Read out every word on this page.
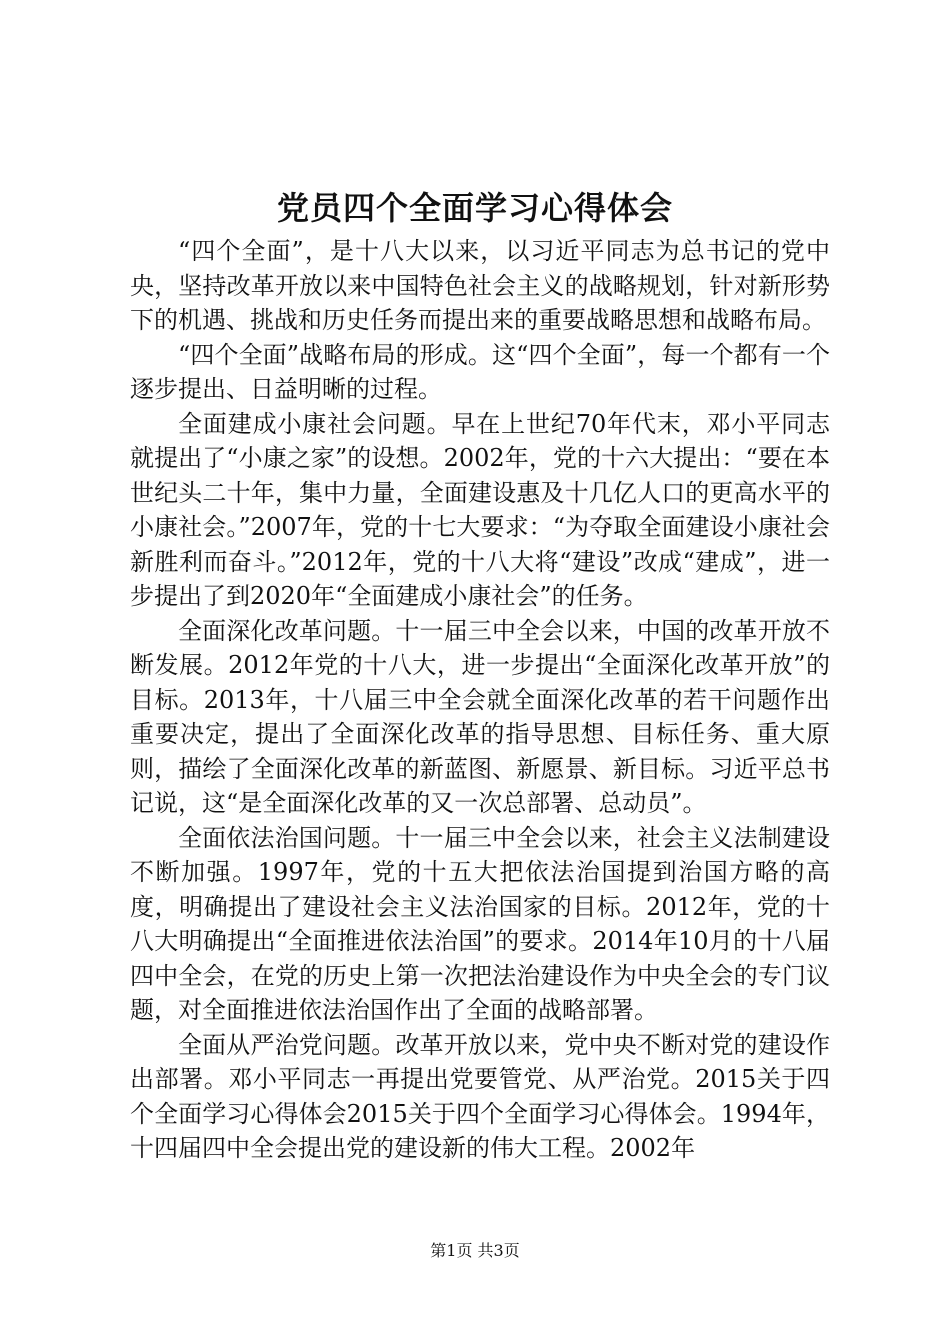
党员四个全面学习心得体会

“四个全面”，是十八大以来，以习近平同志为总书记的党中央，坚持改革开放以来中国特色社会主义的战略规划，针对新形势下的机遇、挑战和历史任务而提出来的重要战略思想和战略布局。

“四个全面”战略布局的形成。这“四个全面”，每一个都有一个逐步提出、日益明晰的过程。

全面建成小康社会问题。早在上世纪70年代末，邓小平同志就提出了“小康之家”的设想。2002年，党的十六大提出：“要在本世纪头二十年，集中力量，全面建设惠及十几亿人口的更高水平的小康社会。”2007年，党的十七大要求：“为夺取全面建设小康社会新胜利而奋斗。”2012年，党的十八大将“建设”改成“建成”，进一步提出了到2020年“全面建成小康社会”的任务。

全面深化改革问题。十一届三中全会以来，中国的改革开放不断发展。2012年党的十八大，进一步提出“全面深化改革开放”的目标。2013年，十八届三中全会就全面深化改革的若干问题作出重要决定，提出了全面深化改革的指导思想、目标任务、重大原则，描绘了全面深化改革的新蓝图、新愿景、新目标。习近平总书记说，这“是全面深化改革的又一次总部署、总动员”。

全面依法治国问题。十一届三中全会以来，社会主义法制建设不断加强。1997年，党的十五大把依法治国提到治国方略的高度，明确提出了建设社会主义法治国家的目标。2012年，党的十八大明确提出“全面推进依法治国”的要求。2014年10月的十八届四中全会，在党的历史上第一次把法治建设作为中央全会的专门议题，对全面推进依法治国作出了全面的战略部署。

全面从严治党问题。改革开放以来，党中央不断对党的建设作出部署。邓小平同志一再提出党要管党、从严治党。2015关于四个全面学习心得体会2015关于四个全面学习心得体会。1994年，十四届四中全会提出党的建设新的伟大工程。2002年

第1页 共3页
